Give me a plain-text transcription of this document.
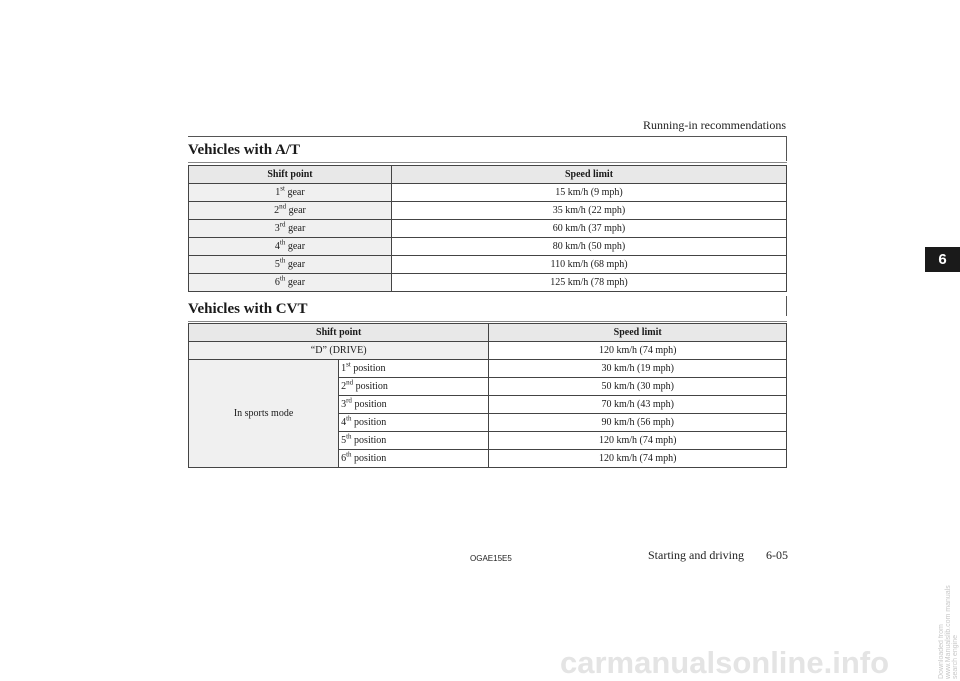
Running-in recommendations
6
Vehicles with A/T
Shift point	Speed limit
1st gear	15 km/h (9 mph)
2nd gear	35 km/h (22 mph)
3rd gear	60 km/h (37 mph)
4th gear	80 km/h (50 mph)
5th gear	110 km/h (68 mph)
6th gear	125 km/h (78 mph)
Vehicles with CVT
Shift point		Speed limit
“D” (DRIVE)		120 km/h (74 mph)
In sports mode	1st position	30 km/h (19 mph)
	2nd position	50 km/h (30 mph)
	3rd position	70 km/h (43 mph)
	4th position	90 km/h (56 mph)
	5th position	120 km/h (74 mph)
	6th position	120 km/h (74 mph)
OGAE15E5	Starting and driving 6-05
carmanualsonline.info	Downloaded from www.Manualslib.com manuals search engine
